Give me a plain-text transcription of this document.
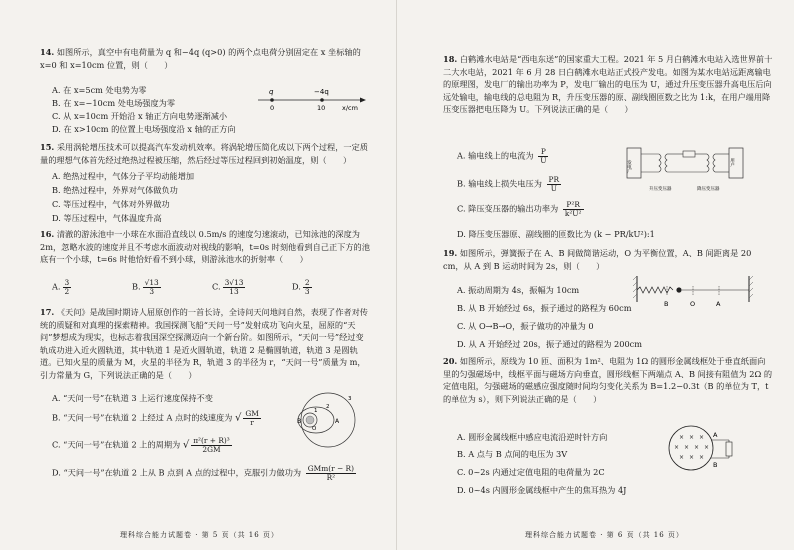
14. 如图所示，真空中有电荷量为 q 和−4q (q>0) 的两个点电荷分别固定在 x 坐标轴的 x=0 和 x=10cm 位置，则（　　）
A. 在 x=5cm 处电势为零
B. 在 x=−10cm 处电场强度为零
C. 从 x=10cm 开始沿 x 轴正方向电势逐渐减小
D. 在 x>10cm 的位置上电场强度沿 x 轴的正方向
q	−4q
0	10	x/cm
15. 采用涡轮增压技术可以提高汽车发动机效率。将涡轮增压简化成以下两个过程，一定质量的理想气体首先经过绝热过程被压缩，然后经过等压过程回到初始温度，则（　　）
A. 绝热过程中，气体分子平均动能增加
B. 绝热过程中，外界对气体做负功
C. 等压过程中，气体对外界做功
D. 等压过程中，气体温度升高
16. 清澈的游泳池中一小球在水面沿直线以 0.5m/s 的速度匀速滚动，已知泳池的深度为 2m，忽略水波的速度并且不考虑水面波动对视线的影响，t=0s 时刻他看到自己正下方的池底有一个小球，t=6s 时他恰好看不到小球，则游泳池水的折射率（　　）
A. $\frac{3}{2}$	B. $\frac{√13}{3}$	C. $\frac{3√13}{13}$	D. $\frac{2}{3}$
17. 《天问》是战国时期诗人屈原创作的一首长诗，全诗问天问地问自然，表现了作者对传统的质疑和对真理的探索精神。我国探测飞船“天问一号”发射成功飞向火星，屈原的“天问”梦想成为现实，也标志着我国深空探测迈向一个新台阶。如图所示，“天问一号”经过变轨成功进入近火圆轨道，其中轨道 1 是近火圆轨道，轨道 2 是椭圆轨道，轨道 3 是圆轨道。已知火星的质量为 M，火星的半径为 R，轨道 3 的半径为 r，“天问一号”质量为 m，引力常量为 G，下列说法正确的是（　　）
A. “天问一号”在轨道 3 上运行速度保持不变
B. “天问一号”在轨道 2 上经过 A 点时的线速度为 √ $\frac{GM}{r}$
C. “天问一号”在轨道 2 上的周期为 √ $\frac{\text{π²(r + R)³}}{2GM}$
D. “天问一号”在轨道 2 上从 B 点到 A 点的过程中，克服引力做功为 $\frac{\text{GMm(r − R)}}{\text{R²}}$
O
B	A
1
2
3
理科综合能力试题卷 · 第 5 页（共 16 页）
18. 白鹤滩水电站是“西电东送”的国家重大工程。2021 年 5 月白鹤滩水电站入选世界前十二大水电站，2021 年 6 月 28 日白鹤滩水电站正式投产发电。如图为某水电站远距离输电的原理图，发电厂的输出功率为 P，发电厂输出的电压为 U，通过升压变压器升高电压后向远处输电，输电线的总电阻为 R，升压变压器的原、副线圈匝数之比为 1:k，在用户端用降压变压器把电压降为 U。下列说法正确的是（　　）
A. 输电线上的电流为 $\frac{P}{U}$
B. 输电线上损失电压为 $\frac{PR}{U}$
C. 降压变压器的输出功率为 $\frac{\text{P²R}}{\text{k²U²}}$
D. 降压变压器原、副线圈的匝数比为 (k − PR/kU²):1
发电厂	用户
升压变压器	降压变压器
19. 如图所示，弹簧振子在 A、B 间做简谐运动，O 为平衡位置，A、B 间距离是 20 cm，从 A 到 B 运动时间为 2s，则（　　）
A. 振动周期为 4s，振幅为 10cm
B. 从 B 开始经过 6s，振子通过的路程为 60cm
C. 从 O→B→O，振子做功的冲量为 0
D. 从 A 开始经过 20s，振子通过的路程为 200cm
B	O	A
20. 如图所示，原线为 10 匝、面积为 1m²、电阻为 1Ω 的圆形金属线框处于垂直纸面向里的匀强磁场中，线框平面与磁场方向垂直，圆形线框下两端点 A、B 间接有阻值为 2Ω 的定值电阻，匀强磁场的磁感应强度随时间均匀变化关系为 B=1.2−0.3t（B 的单位为 T，t 的单位为 s），则下列说法正确的是（　　）
A. 圆形金属线框中感应电流沿逆时针方向
B. A 点与 B 点间的电压为 3V
C. 0~2s 内通过定值电阻的电荷量为 2C
D. 0~4s 内圆形金属线框中产生的焦耳热为 4J
× × ×
× × × ×
× × ×
A
B
理科综合能力试题卷 · 第 6 页（共 16 页）
